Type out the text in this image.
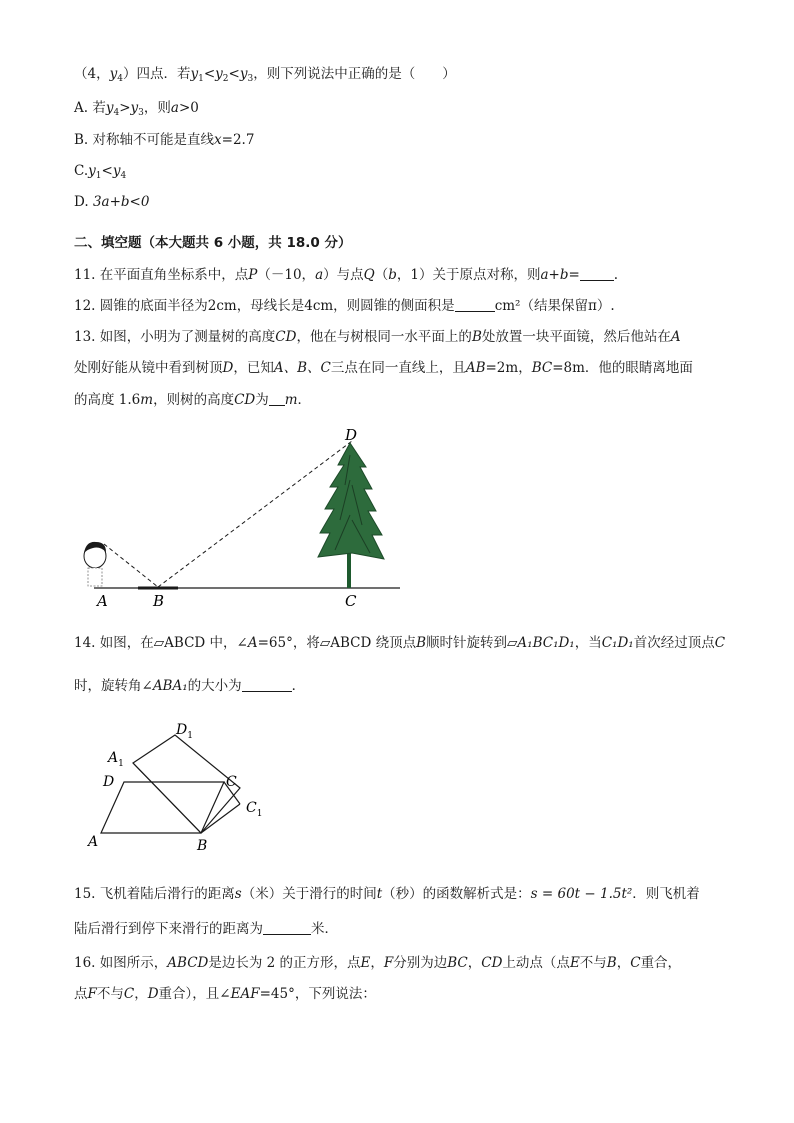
（4，$y_4$）四点．若$y_1<y_2<y_3$，则下列说法中正确的是（　　）
A. 若$y_4>y_3$，则a>0
B. 对称轴不可能是直线x=2.7
$C.y_1<y_4$
D. 3a+b<0
二、填空题（本大题共 6 小题，共 18.0 分）
11. 在平面直角坐标系中，点P（－10，a）与点Q（b，1）关于原点对称，则a+b=	.
12. 圆锥的底面半径为2cm，母线长是4cm，则圆锥的侧面积是	cm²（结果保留π）.
13. 如图，小明为了测量树的高度CD，他在与树根同一水平面上的B处放置一块平面镜，然后他站在A
处刚好能从镜中看到树顶D，已知A、B、C三点在同一直线上，且AB=2m，BC=8m．他的眼睛离地面
的高度 1.6m，则树的高度CD为 m．
A	B	C
D
14. 如图，在▱ABCD 中，∠A=65°，将▱ABCD 绕顶点B顺时针旋转到▱A₁BC₁D₁，当C₁D₁首次经过顶点C
时，旋转角∠ABA₁的大小为	．
$A_1$
$D_1$
D	C
$C_1$
A	B
15. 飞机着陆后滑行的距离s（米）关于滑行的时间t（秒）的函数解析式是：s = 60t − 1.5t²．则飞机着
陆后滑行到停下来滑行的距离为	米．
16. 如图所示，ABCD是边长为 2 的正方形，点E，F分别为边BC，CD上动点（点E不与B，C重合，
点F不与C，D重合），且∠EAF=45°，下列说法：
